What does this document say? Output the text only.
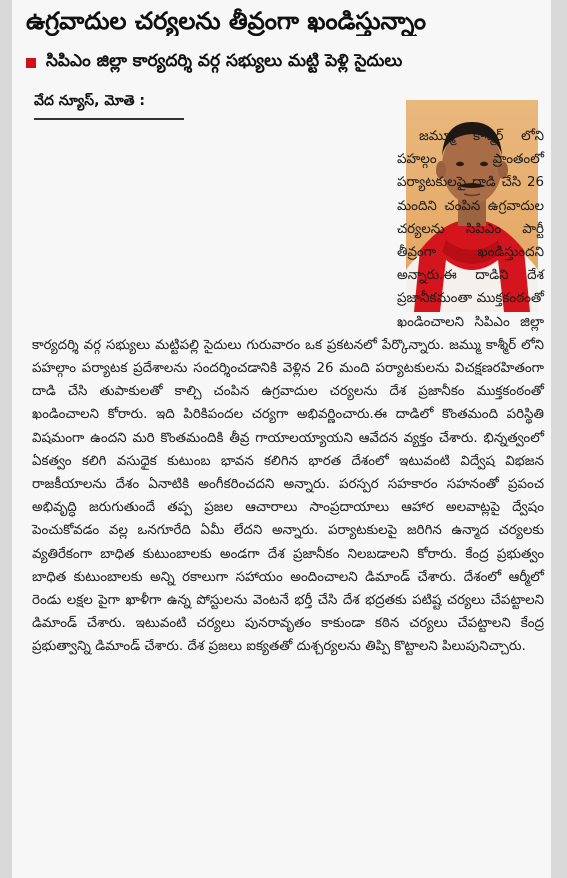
ఉగ్రవాదుల చర్యలను తీవ్రంగా ఖండిస్తున్నాం
సిపిఎం జిల్లా కార్యదర్శి వర్గ సభ్యులు మట్టి పెళ్లి సైదులు
వేద న్యూస్, మోతె :

జమ్మూ కాశ్మీర్ లోని పహల్గం ప్రాంతంలో పర్యాటకులపై దాడి చేసి 26 మందిని చంపిన ఉగ్రవాదుల చర్యలను సిపిఎం పార్టీ తీవ్రంగా ఖండిస్తుందని అన్నారు.ఈ దాడిని దేశ ప్రజానీకమంతా ముక్తకంఠంతో ఖండించాలని సిపిఎం జిల్లా కార్యదర్శి వర్గ సభ్యులు మట్టిపల్లి సైదులు గురువారం ఒక ప్రకటనలో పేర్కొన్నారు. జమ్ము కాశ్మీర్ లోని పహల్గాం పర్యాటక ప్రదేశాలను సందర్శించడానికి వెళ్లిన 26 మంది పర్యాటకులను విచక్షణరహితంగా దాడి చేసి తుపాకులతో కాల్చి చంపిన ఉగ్రవాదుల చర్యలను దేశ ప్రజానీకం ముక్తకంఠంతో ఖండించాలని కోరారు. ఇది పిరికిపందల చర్యగా అభివర్ణించారు.ఈ దాడిలో కొంతమంది పరిస్థితి విషమంగా ఉందని మరి కొంతమందికి తీవ్ర గాయాలయ్యాయని ఆవేదన వ్యక్తం చేశారు. భిన్నత్వంలో ఏకత్వం కలిగి వసుధైక కుటుంబ భావన కలిగిన భారత దేశంలో ఇటువంటి విద్వేష విభజన రాజకీయాలను దేశం ఏనాటికి అంగీకరించదని అన్నారు. పరస్పర సహకారం సహనంతో ప్రపంచ అభివృద్ధి జరుగుతుందే తప్ప ప్రజల ఆచారాలు సాంప్రదాయాలు ఆహార అలవాట్లపై ద్వేషం పెంచుకోవడం వల్ల ఒనగూరేది ఏమీ లేదని అన్నారు. పర్యాటకులపై జరిగిన ఉన్మాద చర్యలకు వ్యతిరేకంగా బాధిత కుటుంబాలకు అండగా దేశ ప్రజానీకం నిలబడాలని కోరారు. కేంద్ర ప్రభుత్వం బాధిత కుటుంబాలకు అన్ని రకాలుగా సహాయం అందించాలని డిమాండ్ చేశారు. దేశంలో ఆర్మీలో రెండు లక్షల పైగా ఖాళీగా ఉన్న పోస్టులను వెంటనే భర్తీ చేసి దేశ భద్రతకు పటిష్ట చర్యలు చేపట్టాలని డిమాండ్ చేశారు. ఇటువంటి చర్యలు పునరావృతం కాకుండా కఠిన చర్యలు చేపట్టాలని కేంద్ర ప్రభుత్వాన్ని డిమాండ్ చేశారు. దేశ ప్రజలు ఐక్యతతో దుశ్చర్యలను తిప్పి కొట్టాలని పిలుపునిచ్చారు.
